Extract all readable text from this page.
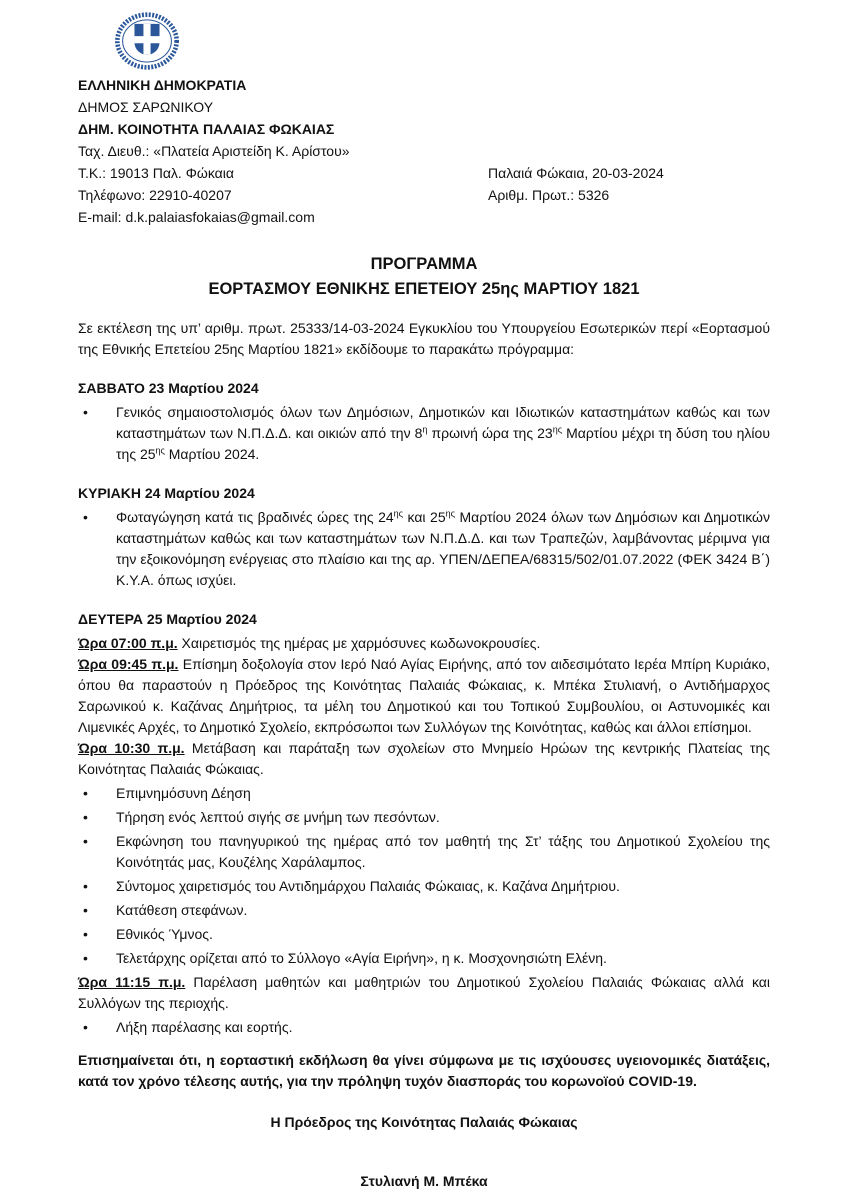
ΕΛΛΗΝΙΚΗ ΔΗΜΟΚΡΑΤΙΑ
ΔΗΜΟΣ ΣΑΡΩΝΙΚΟΥ
ΔΗΜ. ΚΟΙΝΟΤΗΤΑ ΠΑΛΑΙΑΣ ΦΩΚΑΙΑΣ
Ταχ. Διευθ.: «Πλατεία Αριστείδη Κ. Αρίστου»
Τ.Κ.: 19013 Παλ. Φώκαια	Παλαιά Φώκαια, 20-03-2024
Τηλέφωνο: 22910-40207	Αριθμ. Πρωτ.: 5326
E-mail: d.k.palaiasfokaias@gmail.com
ΠΡΟΓΡΑΜΜΑ
ΕΟΡΤΑΣΜΟΥ ΕΘΝΙΚΗΣ ΕΠΕΤΕΙΟΥ 25ης ΜΑΡΤΙΟΥ 1821

Σε εκτέλεση της υπ’ αριθμ. πρωτ. 25333/14-03-2024 Εγκυκλίου του Υπουργείου Εσωτερικών περί «Εορτασμού της Εθνικής Επετείου 25ης Μαρτίου 1821» εκδίδουμε το παρακάτω πρόγραμμα:

ΣΑΒΒΑΤΟ 23 Μαρτίου 2024
•	Γενικός σημαιοστολισμός όλων των Δημόσιων, Δημοτικών και Ιδιωτικών καταστημάτων καθώς και των καταστημάτων των Ν.Π.Δ.Δ. και οικιών από την $8^\eta$ πρωινή ώρα της $23^{\eta\varsigma}$ Μαρτίου μέχρι τη δύση του ηλίου της $25^{\eta\varsigma}$ Μαρτίου 2024.
ΚΥΡΙΑΚΗ 24 Μαρτίου 2024
•	Φωταγώγηση κατά τις βραδινές ώρες της $24^{\eta\varsigma}$ και $25^{\eta\varsigma}$ Μαρτίου 2024 όλων των Δημόσιων και Δημοτικών καταστημάτων καθώς και των καταστημάτων των Ν.Π.Δ.Δ. και των Τραπεζών, λαμβάνοντας μέριμνα για την εξοικονόμηση ενέργειας στο πλαίσιο και της αρ. ΥΠΕΝ/ΔΕΠΕΑ/68315/502/01.07.2022 (ΦΕΚ 3424 Β΄) Κ.Υ.Α. όπως ισχύει.
ΔΕΥΤΕΡΑ 25 Μαρτίου 2024
Ώρα 07:00 π.μ. Χαιρετισμός της ημέρας με χαρμόσυνες κωδωνοκρουσίες.
Ώρα 09:45 π.μ. Επίσημη δοξολογία στον Ιερό Ναό Αγίας Ειρήνης, από τον αιδεσιμότατο Ιερέα Μπίρη Κυριάκο, όπου θα παραστούν η Πρόεδρος της Κοινότητας Παλαιάς Φώκαιας, κ. Μπέκα Στυλιανή, ο Αντιδήμαρχος Σαρωνικού κ. Καζάνας Δημήτριος, τα μέλη του Δημοτικού και του Τοπικού Συμβουλίου, οι Αστυνομικές και Λιμενικές Αρχές, το Δημοτικό Σχολείο, εκπρόσωποι των Συλλόγων της Κοινότητας, καθώς και άλλοι επίσημοι.
Ώρα 10:30 π.μ. Μετάβαση και παράταξη των σχολείων στο Μνημείο Ηρώων της κεντρικής Πλατείας της Κοινότητας Παλαιάς Φώκαιας.
•	Επιμνημόσυνη Δέηση
•	Τήρηση ενός λεπτού σιγής σε μνήμη των πεσόντων.
•	Εκφώνηση του πανηγυρικού της ημέρας από τον μαθητή της Στ’ τάξης του Δημοτικού Σχολείου της Κοινότητάς μας, Κουζέλης Χαράλαμπος.
•	Σύντομος χαιρετισμός του Αντιδημάρχου Παλαιάς Φώκαιας, κ. Καζάνα Δημήτριου.
•	Κατάθεση στεφάνων.
•	Εθνικός Ύμνος.
•	Τελετάρχης ορίζεται από το Σύλλογο «Αγία Ειρήνη», η κ. Μοσχονησιώτη Ελένη.
Ώρα 11:15 π.μ. Παρέλαση μαθητών και μαθητριών του Δημοτικού Σχολείου Παλαιάς Φώκαιας αλλά και Συλλόγων της περιοχής.
•	Λήξη παρέλασης και εορτής.

Επισημαίνεται ότι, η εορταστική εκδήλωση θα γίνει σύμφωνα με τις ισχύουσες υγειονομικές διατάξεις, κατά τον χρόνο τέλεσης αυτής, για την πρόληψη τυχόν διασποράς του κορωνοϊού COVID-19.

Η Πρόεδρος της Κοινότητας Παλαιάς Φώκαιας
Στυλιανή Μ. Μπέκα
